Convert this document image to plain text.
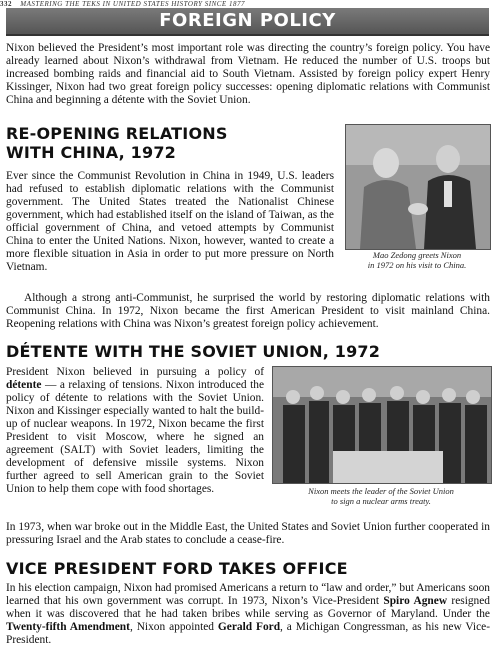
332 MASTERING THE TEKS IN UNITED STATES HISTORY SINCE 1877
FOREIGN POLICY

Nixon believed the President’s most important role was directing the country’s foreign policy. You have already learned about Nixon’s withdrawal from Vietnam. He reduced the number of U.S. troops but increased bombing raids and financial aid to South Vietnam. Assisted by foreign policy expert Henry Kissinger, Nixon had two great foreign policy successes: opening diplomatic relations with Communist China and beginning a détente with the Soviet Union.

RE-OPENING RELATIONS
WITH CHINA, 1972

Ever since the Communist Revolution in China in 1949, U.S. leaders had refused to establish diplomatic relations with the Communist government. The United States treated the Nationalist Chinese government, which had established itself on the island of Taiwan, as the official government of China, and vetoed attempts by Communist China to enter the United Nations. Nixon, however, wanted to create a more flexible situation in Asia in order to put more pressure on North Vietnam.

Mao Zedong greets Nixon
in 1972 on his visit to China.

Although a strong anti-Communist, he surprised the world by restoring diplomatic relations with Communist China. In 1972, Nixon became the first American President to visit mainland China. Reopening relations with China was Nixon’s greatest foreign policy achievement.

DÉTENTE WITH THE SOVIET UNION, 1972

President Nixon believed in pursuing a policy of détente — a relaxing of tensions. Nixon introduced the policy of détente to relations with the Soviet Union. Nixon and Kissinger especially wanted to halt the build-up of nuclear weapons. In 1972, Nixon became the first President to visit Moscow, where he signed an agreement (SALT) with Soviet leaders, limiting the development of defensive missile systems. Nixon further agreed to sell American grain to the Soviet Union to help them cope with food shortages.	Nixon meets the leader of the Soviet Union
to sign a nuclear arms treaty.

In 1973, when war broke out in the Middle East, the United States and Soviet Union further cooperated in pressuring Israel and the Arab states to conclude a cease-fire.

VICE PRESIDENT FORD TAKES OFFICE

In his election campaign, Nixon had promised Americans a return to “law and order,” but Americans soon learned that his own government was corrupt. In 1973, Nixon’s Vice-President Spiro Agnew resigned when it was discovered that he had taken bribes while serving as Governor of Maryland. Under the Twenty-fifth Amendment, Nixon appointed Gerald Ford, a Michigan Congressman, as his new Vice-President.
